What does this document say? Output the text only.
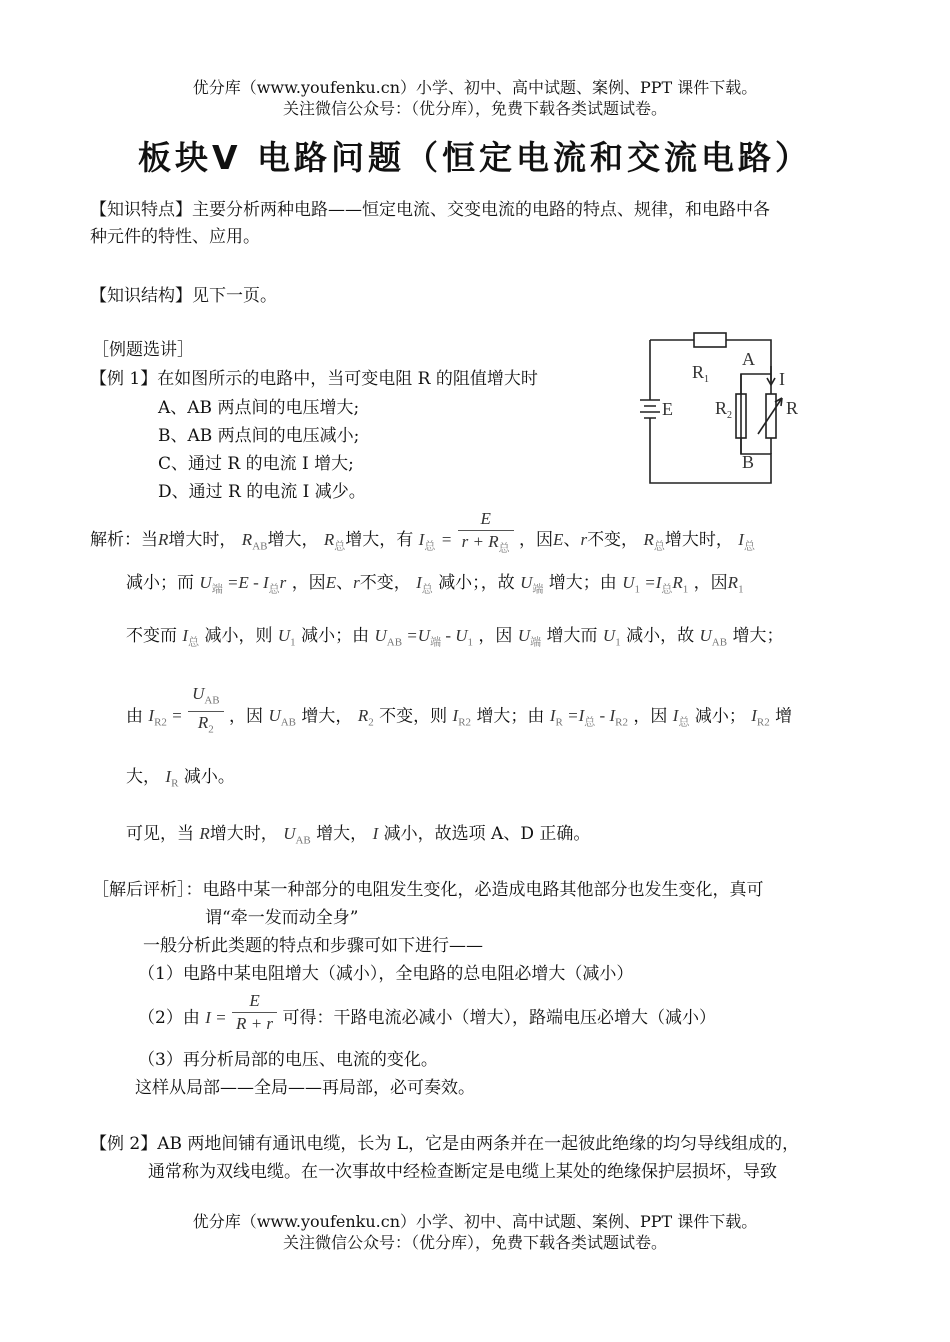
优分库（www.youfenku.cn）小学、初中、高中试题、案例、PPT 课件下载。
关注微信公众号：（优分库），免费下载各类试题试卷。
板块Ⅴ 电路问题（恒定电流和交流电路）
【知识特点】主要分析两种电路——恒定电流、交变电流的电路的特点、规律，和电路中各
种元件的特性、应用。
【知识结构】见下一页。
［例题选讲］
【例 1】在如图所示的电路中，当可变电阻 R 的阻值增大时
A、AB 两点间的电压增大;
B、AB 两点间的电压减小;
C、通过 R 的电流 I 增大;
D、通过 R 的电流 I 减少。
$R_1$
A
I
$R_2$	R
E
B
解析：当R增大时， $R_{AB}$增大， $R_总$增大，有 $I_总 = \frac{E}{r + R_总}$ ，因E、r不变， $R_总$增大时， $I_总$
减小；而 $U_端 =E - I_总r$ ，因E、r不变， $I_总$ 减小；，故 $U_端$ 增大；由 $U_1 =I_总R_1$ ，因$R_1$
不变而 $I_总$ 减小，则 $U_1$ 减小；由 $U_{AB} =U_端 - U_1$ ，因 $U_端$ 增大而 $U_1$ 减小，故 $U_{AB}$ 增大；
由 $I_{R2} = \frac{U_{AB}}{R_2}$ ，因 $U_{AB}$ 增大， $R_2$ 不变，则 $I_{R2}$ 增大；由 $I_R =I_总 - I_{R2}$ ，因 $I_总$ 减小； $I_{R2}$ 增
大， $I_R$ 减小。
可见，当 R增大时， $U_{AB}$ 增大， I 减小，故选项 A、D 正确。
［解后评析］：电路中某一种部分的电阻发生变化，必造成电路其他部分也发生变化，真可
谓“牵一发而动全身”
一般分析此类题的特点和步骤可如下进行——
（1）电路中某电阻增大（减小），全电路的总电阻必增大（减小）
（2）由 $I = \frac{E}{R + r}$ 可得：干路电流必减小（增大），路端电压必增大（减小）
（3）再分析局部的电压、电流的变化。
这样从局部——全局——再局部，必可奏效。
【例 2】AB 两地间铺有通讯电缆，长为 L，它是由两条并在一起彼此绝缘的均匀导线组成的，
通常称为双线电缆。在一次事故中经检查断定是电缆上某处的绝缘保护层损坏，导致
优分库（www.youfenku.cn）小学、初中、高中试题、案例、PPT 课件下载。
关注微信公众号：（优分库），免费下载各类试题试卷。
